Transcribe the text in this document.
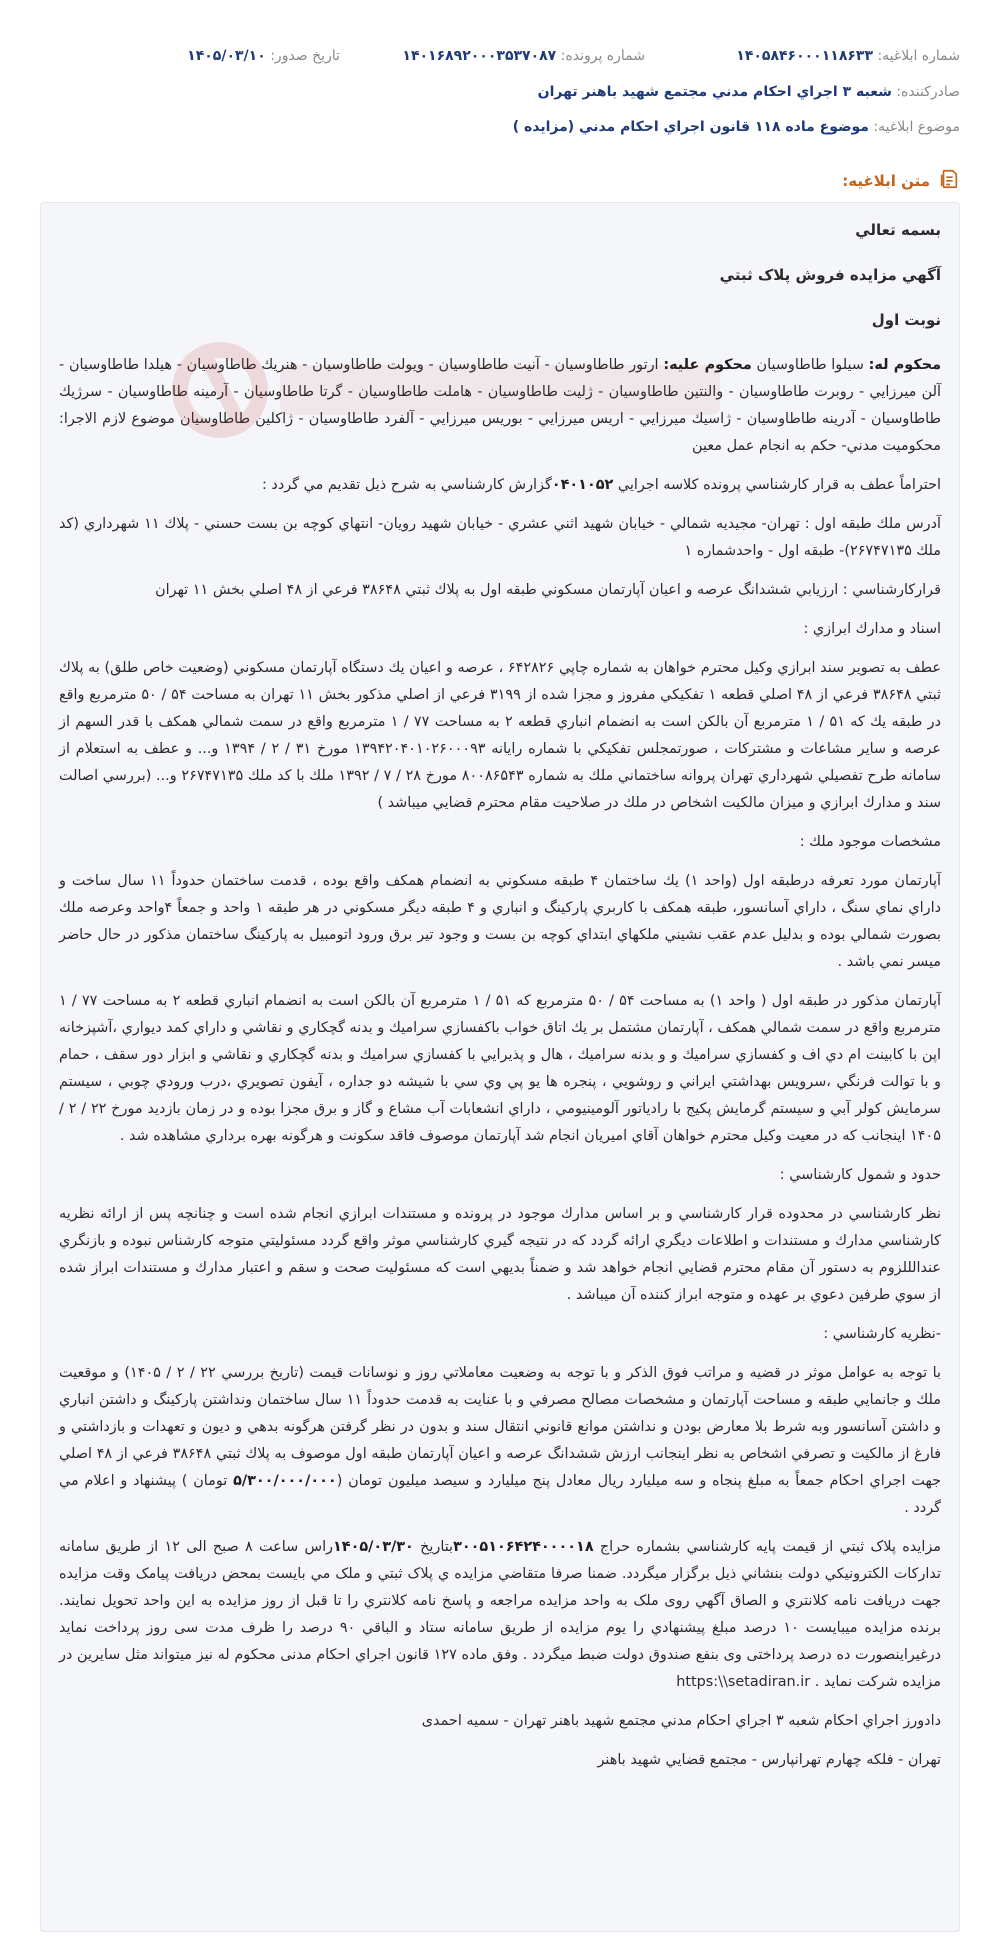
شماره ابلاغيه: ۱۴۰۵۸۴۶۰۰۰۱۱۸۶۳۳
شماره پرونده: ۱۴۰۱۶۸۹۲۰۰۰۳۵۳۷۰۸۷
تاريخ صدور: ۱۴۰۵/۰۳/۱۰
صادرکننده: شعبه ۳ اجراي احكام مدني مجتمع شهيد باهنر تهران
موضوع ابلاغيه: موضوع ماده ۱۱۸ قانون اجراي احكام مدني (مزايده )
متن ابلاغيه:

بسمه تعالي

آگهي مزايده فروش پلاک ثبتي

نوبت اول

محکوم له: سيلوا طاطاوسيان محکوم عليه: ارتور طاطاوسيان - آنيت طاطاوسيان - ويولت طاطاوسيان - هنريك طاطاوسيان - هيلدا طاطاوسيان - آلن ميرزايي - روبرت طاطاوسيان - والنتين طاطاوسيان - ژليت طاطاوسيان - هاملت طاطاوسيان - گرتا طاطاوسيان - آرمينه طاطاوسيان - سرژيك طاطاوسيان - آدرينه طاطاوسيان - ژاسيك ميرزايي - اريس ميرزايي - بوريس ميرزايي - آلفرد طاطاوسيان - ژاكلين طاطاوسيان موضوع لازم الاجرا: محكوميت مدني- حكم به انجام عمل معين

احتراماً عطف به قرار کارشناسي پرونده کلاسه اجرايي ۰۴۰۱۰۵۲گزارش کارشناسي به شرح ذيل تقديم مي گردد :

آدرس ملك طبقه اول : تهران- مجيديه شمالي - خيابان شهيد اثني عشري - خيابان شهيد رويان- انتهاي كوچه بن بست حسني - پلاك ۱۱ شهرداري (كد ملك ۲۶۷۴۷۱۳۵)- طبقه اول - واحدشماره ۱

قرارکارشناسي : ارزيابي ششدانگ عرصه و اعيان آپارتمان مسكوني طبقه اول به پلاك ثبتي ۳۸۶۴۸ فرعي از ۴۸ اصلي بخش ۱۱ تهران

اسناد و مدارك ابرازي :

عطف به تصوير سند ابرازي وكيل محترم خواهان به شماره چاپي ۶۴۲۸۲۶ ، عرصه و اعيان يك دستگاه آپارتمان مسكوني (وضعيت خاص طلق) به پلاك ثبتي ۳۸۶۴۸ فرعي از ۴۸ اصلي قطعه ۱ تفكيكي مفروز و مجزا شده از ۳۱۹۹ فرعي از اصلي مذكور بخش ۱۱ تهران به مساحت ۵۴ / ۵۰ مترمربع واقع در طبقه يك كه ۵۱ / ۱ مترمربع آن بالكن است به انضمام انباري قطعه ۲ به مساحت ۷۷ / ۱ مترمربع واقع در سمت شمالي همكف با قدر السهم از عرصه و ساير مشاعات و مشتركات ، صورتمجلس تفكيكي با شماره رايانه ۱۳۹۴۲۰۴۰۱۰۲۶۰۰۰۹۳ مورخ ۳۱ / ۲ / ۱۳۹۴ و... و عطف به استعلام از سامانه طرح تفصيلي شهرداري تهران پروانه ساختماني ملك به شماره ۸۰۰۸۶۵۴۳ مورخ ۲۸ / ۷ / ۱۳۹۲ ملك با كد ملك ۲۶۷۴۷۱۳۵ و... (بررسي اصالت سند و مدارك ابرازي و ميزان مالكيت اشخاص در ملك در صلاحيت مقام محترم قضايي ميباشد )

مشخصات موجود ملك :

آپارتمان مورد تعرفه درطبقه اول (واحد ۱) يك ساختمان ۴ طبقه مسكوني به انضمام همكف واقع بوده ، قدمت ساختمان حدوداً ۱۱ سال ساخت و داراي نماي سنگ ، داراي آسانسور، طبقه همكف با كاربري پاركينگ و انباري و ۴ طبقه ديگر مسكوني در هر طبقه ۱ واحد و جمعاً ۴واحد وعرصه ملك بصورت شمالي بوده و بدليل عدم عقب نشيني ملكهاي ابتداي كوچه بن بست و وجود تير برق ورود اتومبيل به پاركينگ ساختمان مذكور در حال حاضر ميسر نمي باشد .

آپارتمان مذكور در طبقه اول ( واحد ۱) به مساحت ۵۴ / ۵۰ مترمربع كه ۵۱ / ۱ مترمربع آن بالكن است به انضمام انباري قطعه ۲ به مساحت ۷۷ / ۱ مترمربع واقع در سمت شمالي همكف ، آپارتمان مشتمل بر يك اتاق خواب باكفسازي سراميك و بدنه گچكاري و نقاشي و داراي كمد ديواري ،آشپزخانه اپن با كابينت ام دي اف و كفسازي سراميك و و بدنه سراميك ، هال و پذيرايي با كفسازي سراميك و بدنه گچكاري و نقاشي و ابزار دور سقف ، حمام و با توالت فرنگي ،سرويس بهداشتي ايراني و روشويي ، پنجره ها يو پي وي سي با شيشه دو جداره ، آيفون تصويري ،درب ورودي چوبي ، سيستم سرمايش كولر آبي و سيستم گرمايش پكيج با رادياتور آلومينيومي ، داراي انشعابات آب مشاع و گاز و برق مجزا بوده و در زمان بازديد مورخ ۲۲ / ۲ / ۱۴۰۵ اينجانب كه در معيت وكيل محترم خواهان آقاي اميريان انجام شد آپارتمان موصوف فاقد سكونت و هرگونه بهره برداري مشاهده شد .

حدود و شمول كارشناسي :

نظر كارشناسي در محدوده قرار كارشناسي و بر اساس مدارك موجود در پرونده و مستندات ابرازي انجام شده است و چنانچه پس از ارائه نظريه كارشناسي مدارك و مستندات و اطلاعات ديگري ارائه گردد كه در نتيجه گيري كارشناسي موثر واقع گردد مسئوليتي متوجه كارشناس نبوده و بازنگري عندالللزوم به دستور آن مقام محترم قضايي انجام خواهد شد و ضمناً بديهي است كه مسئوليت صحت و سقم و اعتبار مدارك و مستندات ابراز شده از سوي طرفين دعوي بر عهده و متوجه ابراز كننده آن ميباشد .

-نظريه كارشناسي :

با توجه به عوامل موثر در قضيه و مراتب فوق الذكر و با توجه به وضعيت معاملاتي روز و نوسانات قيمت (تاريخ بررسي ۲۲ / ۲ / ۱۴۰۵) و موقعيت ملك و جانمايي طبقه و مساحت آپارتمان و مشخصات مصالح مصرفي و با عنايت به قدمت حدوداً ۱۱ سال ساختمان ونداشتن پاركينگ و داشتن انباري و داشتن آسانسور وبه شرط بلا معارض بودن و نداشتن موانع قانوني انتقال سند و بدون در نظر گرفتن هرگونه بدهي و ديون و تعهدات و بازداشتي و فارغ از مالكيت و تصرفي اشخاص به نظر اينجانب ارزش ششدانگ عرصه و اعيان آپارتمان طبقه اول موصوف به پلاك ثبتي ۳۸۶۴۸ فرعي از ۴۸ اصلي جهت اجراي احكام جمعاً به مبلغ پنجاه و سه ميليارد ريال معادل پنج ميليارد و سيصد ميليون تومان (۵/۳۰۰/۰۰۰/۰۰۰ تومان ) پيشنهاد و اعلام مي گردد .

مزايده پلاک ثبتي از قيمت پايه کارشناسي بشماره حراج ۳۰۰۵۱۰۶۴۲۴۰۰۰۰۱۸بتاريخ ۱۴۰۵/۰۳/۳۰راس ساعت ۸ صبح الی ۱۲ از طريق سامانه تدارکات الکترونيکي دولت بنشاني ذيل برگزار ميگردد. ضمنا صرفا متقاضي مزايده ي پلاک ثبتي و ملک مي بايست بمحض دريافت پيامک وقت مزايده جهت دريافت نامه کلانتري و الصاق آگهي روی ملک به واحد مزايده مراجعه و پاسخ نامه کلانتري را تا قبل از روز مزايده به اين واحد تحويل نمايند. برنده مزايده ميبايست ۱۰ درصد مبلغ پيشنهادي را يوم مزايده از طريق سامانه ستاد و الباقي ۹۰ درصد را ظرف مدت سی روز پرداخت نمايد درغيراينصورت ده درصد پرداختی وی بنفع صندوق دولت ضبط ميگردد . وفق ماده ۱۲۷ قانون اجراي احکام مدنی محکوم له نيز ميتواند مثل سايرين در مزايده شرکت نمايد . https:\\setadiran.ir

دادورز اجراي احكام شعبه ۳ اجراي احكام مدني مجتمع شهيد باهنر تهران - سميه احمدی

تهران - فلکه چهارم تهرانپارس - مجتمع قضايي شهيد باهنر
